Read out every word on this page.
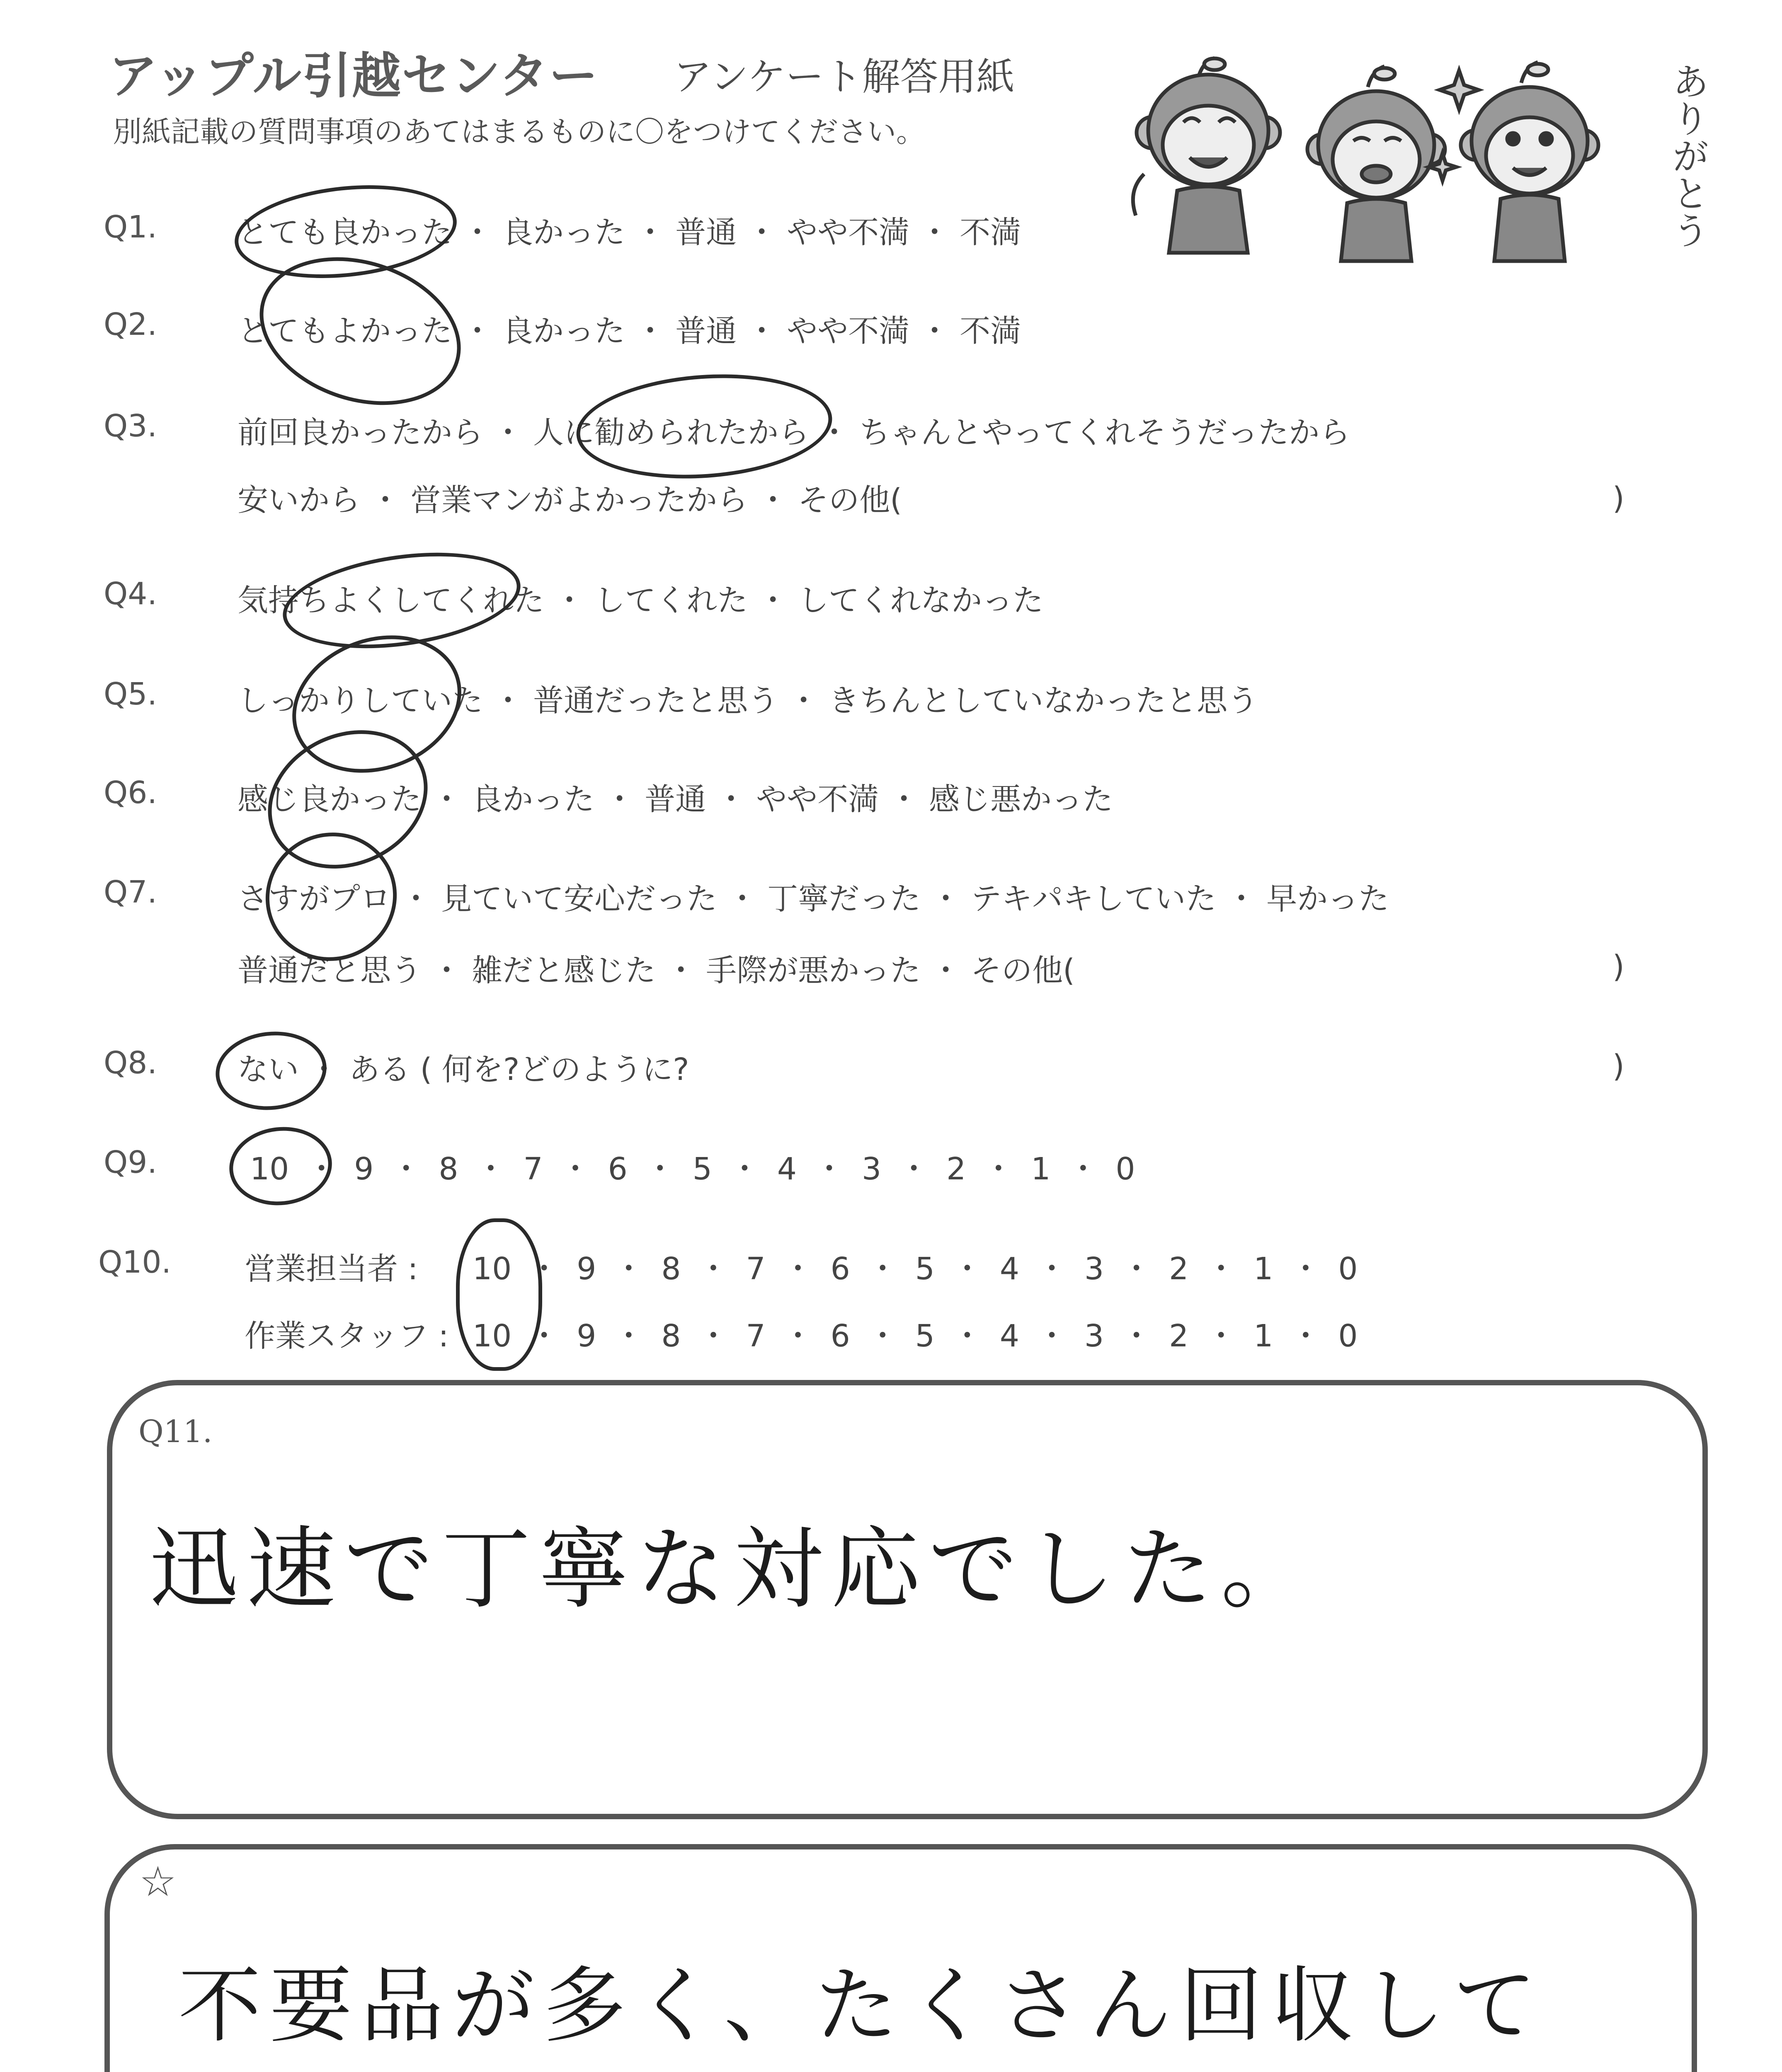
アップル引越センター アンケート解答用紙
別紙記載の質問事項のあてはまるものに〇をつけてください。	ありがとう
Q1.	とても良かった ・ 良かった ・ 普通 ・ やや不満 ・ 不満
Q2.	とてもよかった ・ 良かった ・ 普通 ・ やや不満 ・ 不満
Q3.	前回良かったから ・ 人に勧められたから ・ ちゃんとやってくれそうだったから
安いから ・ 営業マンがよかったから ・ その他(	)
Q4.	気持ちよくしてくれた ・ してくれた ・ してくれなかった
Q5.	しっかりしていた ・ 普通だったと思う ・ きちんとしていなかったと思う
Q6.	感じ良かった ・ 良かった ・ 普通 ・ やや不満 ・ 感じ悪かった
Q7.	さすがプロ ・ 見ていて安心だった ・ 丁寧だった ・ テキパキしていた ・ 早かった
普通だと思う ・ 雑だと感じた ・ 手際が悪かった ・ その他(	)
Q8.	ない ・ ある ( 何を?どのように?	)
Q9.	10 ・ 9 ・ 8 ・ 7 ・ 6 ・ 5 ・ 4 ・ 3 ・ 2 ・ 1 ・ 0
Q10. 営業担当者 : 10 ・ 9 ・ 8 ・ 7 ・ 6 ・ 5 ・ 4 ・ 3 ・ 2 ・ 1 ・ 0
作業スタッフ : 10 ・ 9 ・ 8 ・ 7 ・ 6 ・ 5 ・ 4 ・ 3 ・ 2 ・ 1 ・ 0
Q11.
迅速で丁寧な対応でした。
☆
不要品が多く、たくさん回収して
